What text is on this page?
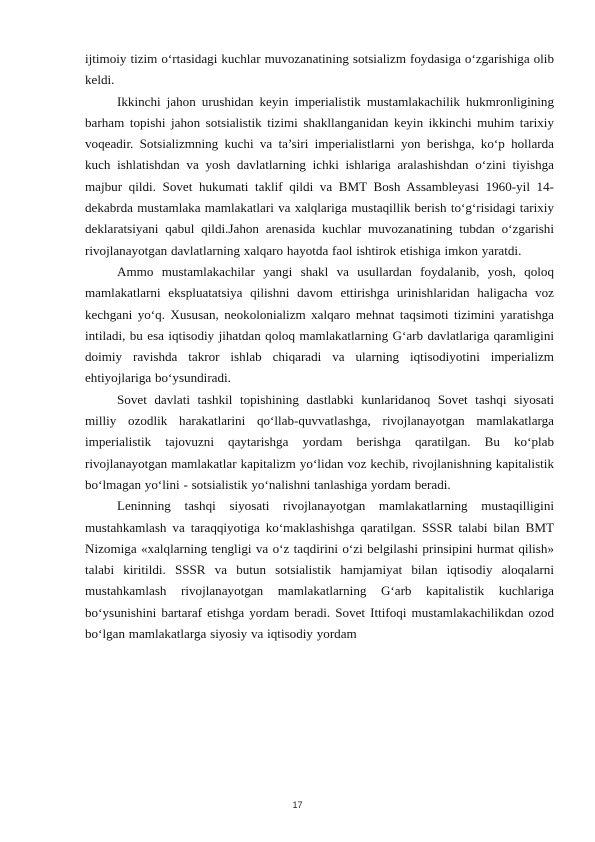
ijtimoiy tizim o‘rtasidagi kuchlar muvozanatining sotsializm foydasiga o‘zgarishiga olib keldi.

Ikkinchi jahon urushidan keyin imperialistik mustamlakachilik hukmronligining barham topishi jahon sotsialistik tizimi shakllanganidan keyin ikkinchi muhim tarixiy voqeadir. Sotsializmning kuchi va ta’siri imperialistlarni yon berishga, ko‘p hollarda kuch ishlatishdan va yosh davlatlarning ichki ishlariga aralashishdan o‘zini tiyishga majbur qildi. Sovet hukumati taklif qildi va BMT Bosh Assambleyasi 1960-yil 14-dekabrda mustamlaka mamlakatlari va xalqlariga mustaqillik berish to‘g‘risidagi tarixiy deklaratsiyani qabul qildi.Jahon arenasida kuchlar muvozanatining tubdan o‘zgarishi rivojlanayotgan davlatlarning xalqaro hayotda faol ishtirok etishiga imkon yaratdi.

Ammo mustamlakachilar yangi shakl va usullardan foydalanib, yosh, qoloq mamlakatlarni ekspluatatsiya qilishni davom ettirishga urinishlaridan haligacha voz kechgani yo‘q. Xususan, neokolonializm xalqaro mehnat taqsimoti tizimini yaratishga intiladi, bu esa iqtisodiy jihatdan qoloq mamlakatlarning G‘arb davlatlariga qaramligini doimiy ravishda takror ishlab chiqaradi va ularning iqtisodiyotini imperializm ehtiyojlariga bo‘ysundiradi.

Sovet davlati tashkil topishining dastlabki kunlaridanoq Sovet tashqi siyosati milliy ozodlik harakatlarini qo‘llab-quvvatlashga, rivojlanayotgan mamlakatlarga imperialistik tajovuzni qaytarishga yordam berishga qaratilgan. Bu ko‘plab rivojlanayotgan mamlakatlar kapitalizm yo‘lidan voz kechib, rivojlanishning kapitalistik bo‘lmagan yo‘lini - sotsialistik yo‘nalishni tanlashiga yordam beradi.

Leninning tashqi siyosati rivojlanayotgan mamlakatlarning mustaqilligini mustahkamlash va taraqqiyotiga ko‘maklashishga qaratilgan. SSSR talabi bilan BMT Nizomiga «xalqlarning tengligi va o‘z taqdirini o‘zi belgilashi prinsipini hurmat qilish» talabi kiritildi. SSSR va butun sotsialistik hamjamiyat bilan iqtisodiy aloqalarni mustahkamlash rivojlanayotgan mamlakatlarning G‘arb kapitalistik kuchlariga bo‘ysunishini bartaraf etishga yordam beradi. Sovet Ittifoqi mustamlakachilikdan ozod bo‘lgan mamlakatlarga siyosiy va iqtisodiy yordam

17
